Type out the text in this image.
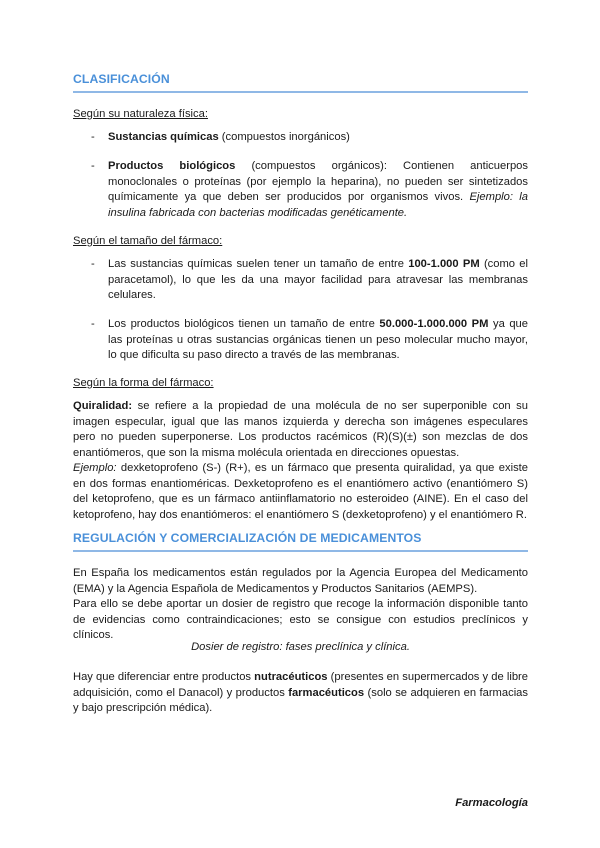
CLASIFICACIÓN
Según su naturaleza física:
- Sustancias químicas (compuestos inorgánicos)
- Productos biológicos (compuestos orgánicos): Contienen anticuerpos monoclonales o proteínas (por ejemplo la heparina), no pueden ser sintetizados químicamente ya que deben ser producidos por organismos vivos. Ejemplo: la insulina fabricada con bacterias modificadas genéticamente.
Según el tamaño del fármaco:
- Las sustancias químicas suelen tener un tamaño de entre 100-1.000 PM (como el paracetamol), lo que les da una mayor facilidad para atravesar las membranas celulares.
- Los productos biológicos tienen un tamaño de entre 50.000-1.000.000 PM ya que las proteínas u otras sustancias orgánicas tienen un peso molecular mucho mayor, lo que dificulta su paso directo a través de las membranas.
Según la forma del fármaco:
Quiralidad: se refiere a la propiedad de una molécula de no ser superponible con su imagen especular, igual que las manos izquierda y derecha son imágenes especulares pero no pueden superponerse. Los productos racémicos (R)(S)(±) son mezclas de dos enantiómeros, que son la misma molécula orientada en direcciones opuestas.
Ejemplo: dexketoprofeno (S-) (R+), es un fármaco que presenta quiralidad, ya que existe en dos formas enantioméricas. Dexketoprofeno es el enantiómero activo (enantiómero S) del ketoprofeno, que es un fármaco antiinflamatorio no esteroideo (AINE). En el caso del ketoprofeno, hay dos enantiómeros: el enantiómero S (dexketoprofeno) y el enantiómero R.
REGULACIÓN Y COMERCIALIZACIÓN DE MEDICAMENTOS
En España los medicamentos están regulados por la Agencia Europea del Medicamento (EMA) y la Agencia Española de Medicamentos y Productos Sanitarios (AEMPS).
Para ello se debe aportar un dosier de registro que recoge la información disponible tanto de evidencias como contraindicaciones; esto se consigue con estudios preclínicos y clínicos.
Dosier de registro: fases preclínica y clínica.
Hay que diferenciar entre productos nutracéuticos (presentes en supermercados y de libre adquisición, como el Danacol) y productos farmacéuticos (solo se adquieren en farmacias y bajo prescripción médica).
Farmacología
